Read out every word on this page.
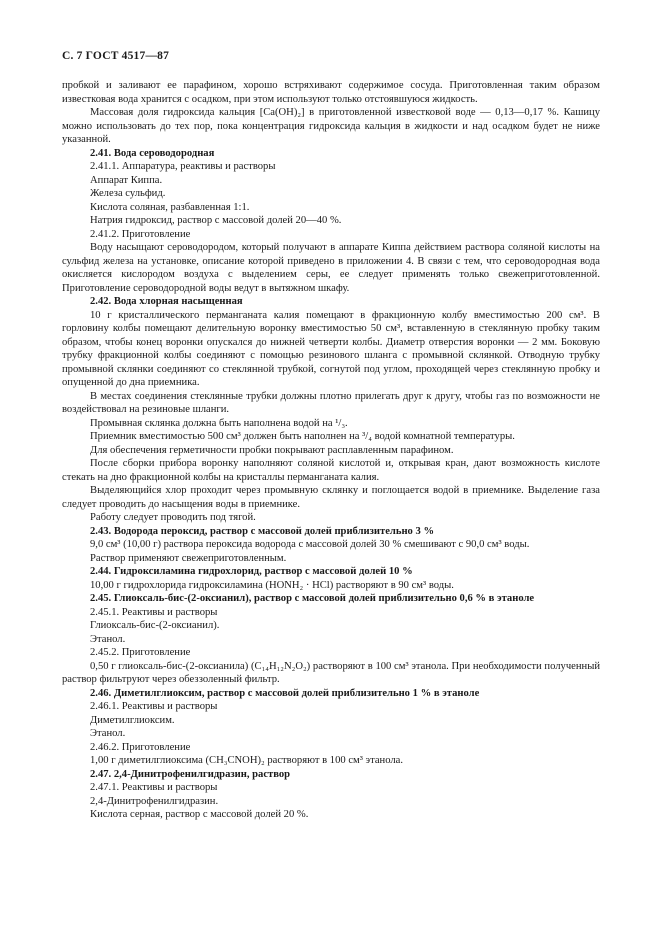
С. 7 ГОСТ 4517—87

пробкой и заливают ее парафином, хорошо встряхивают содержимое сосуда. Приготовленная таким образом известковая вода хранится с осадком, при этом используют только отстоявшуюся жидкость.

Массовая доля гидроксида кальция [Ca(OH)₂] в приготовленной известковой воде — 0,13—0,17 %. Кашицу можно использовать до тех пор, пока концентрация гидроксида кальция в жидкости и над осадком будет не ниже указанной.

2.41. Вода сероводородная

2.41.1. Аппаратура, реактивы и растворы

Аппарат Киппа.

Железа сульфид.

Кислота соляная, разбавленная 1:1.

Натрия гидроксид, раствор с массовой долей 20—40 %.

2.41.2. Приготовление

Воду насыщают сероводородом, который получают в аппарате Киппа действием раствора соляной кислоты на сульфид железа на установке, описание которой приведено в приложении 4. В связи с тем, что сероводородная вода окисляется кислородом воздуха с выделением серы, ее следует применять только свежеприготовленной. Приготовление сероводородной воды ведут в вытяжном шкафу.

2.42. Вода хлорная насыщенная

10 г кристаллического перманганата калия помещают в фракционную колбу вместимостью 200 см³. В горловину колбы помещают делительную воронку вместимостью 50 см³, вставленную в стеклянную пробку таким образом, чтобы конец воронки опускался до нижней четверти колбы. Диаметр отверстия воронки — 2 мм. Боковую трубку фракционной колбы соединяют с помощью резинового шланга с промывной склянкой. Отводную трубку промывной склянки соединяют со стеклянной трубкой, согнутой под углом, проходящей через стеклянную пробку и опущенной до дна приемника.

В местах соединения стеклянные трубки должны плотно прилегать друг к другу, чтобы газ по возможности не воздействовал на резиновые шланги.

Промывная склянка должна быть наполнена водой на ¹/₃.

Приемник вместимостью 500 см³ должен быть наполнен на ³/₄ водой комнатной температуры.

Для обеспечения герметичности пробки покрывают расплавленным парафином.

После сборки прибора воронку наполняют соляной кислотой и, открывая кран, дают возможность кислоте стекать на дно фракционной колбы на кристаллы перманганата калия.

Выделяющийся хлор проходит через промывную склянку и поглощается водой в приемнике. Выделение газа следует проводить до насыщения воды в приемнике.

Работу следует проводить под тягой.

2.43. Водорода пероксид, раствор с массовой долей приблизительно 3 %

9,0 см³ (10,00 г) раствора пероксида водорода с массовой долей 30 % смешивают с 90,0 см³ воды.

Раствор применяют свежеприготовленным.

2.44. Гидроксиламина гидрохлорид, раствор с массовой долей 10 %

10,00 г гидрохлорида гидроксиламина (HONH₂ · HCl) растворяют в 90 см³ воды.

2.45. Глиоксаль-бис-(2-оксианил), раствор с массовой долей приблизительно 0,6 % в этаноле

2.45.1. Реактивы и растворы

Глиоксаль-бис-(2-оксианил).

Этанол.

2.45.2. Приготовление

0,50 г глиоксаль-бис-(2-оксианила) (C₁₄H₁₂N₂O₂) растворяют в 100 см³ этанола. При необходимости полученный раствор фильтруют через обеззоленный фильтр.

2.46. Диметилглиоксим, раствор с массовой долей приблизительно 1 % в этаноле

2.46.1. Реактивы и растворы

Диметилглиоксим.

Этанол.

2.46.2. Приготовление

1,00 г диметилглиоксима (CH₃CNOH)₂ растворяют в 100 см³ этанола.

2.47. 2,4-Динитрофенилгидразин, раствор

2.47.1. Реактивы и растворы

2,4-Динитрофенилгидразин.

Кислота серная, раствор с массовой долей 20 %.
